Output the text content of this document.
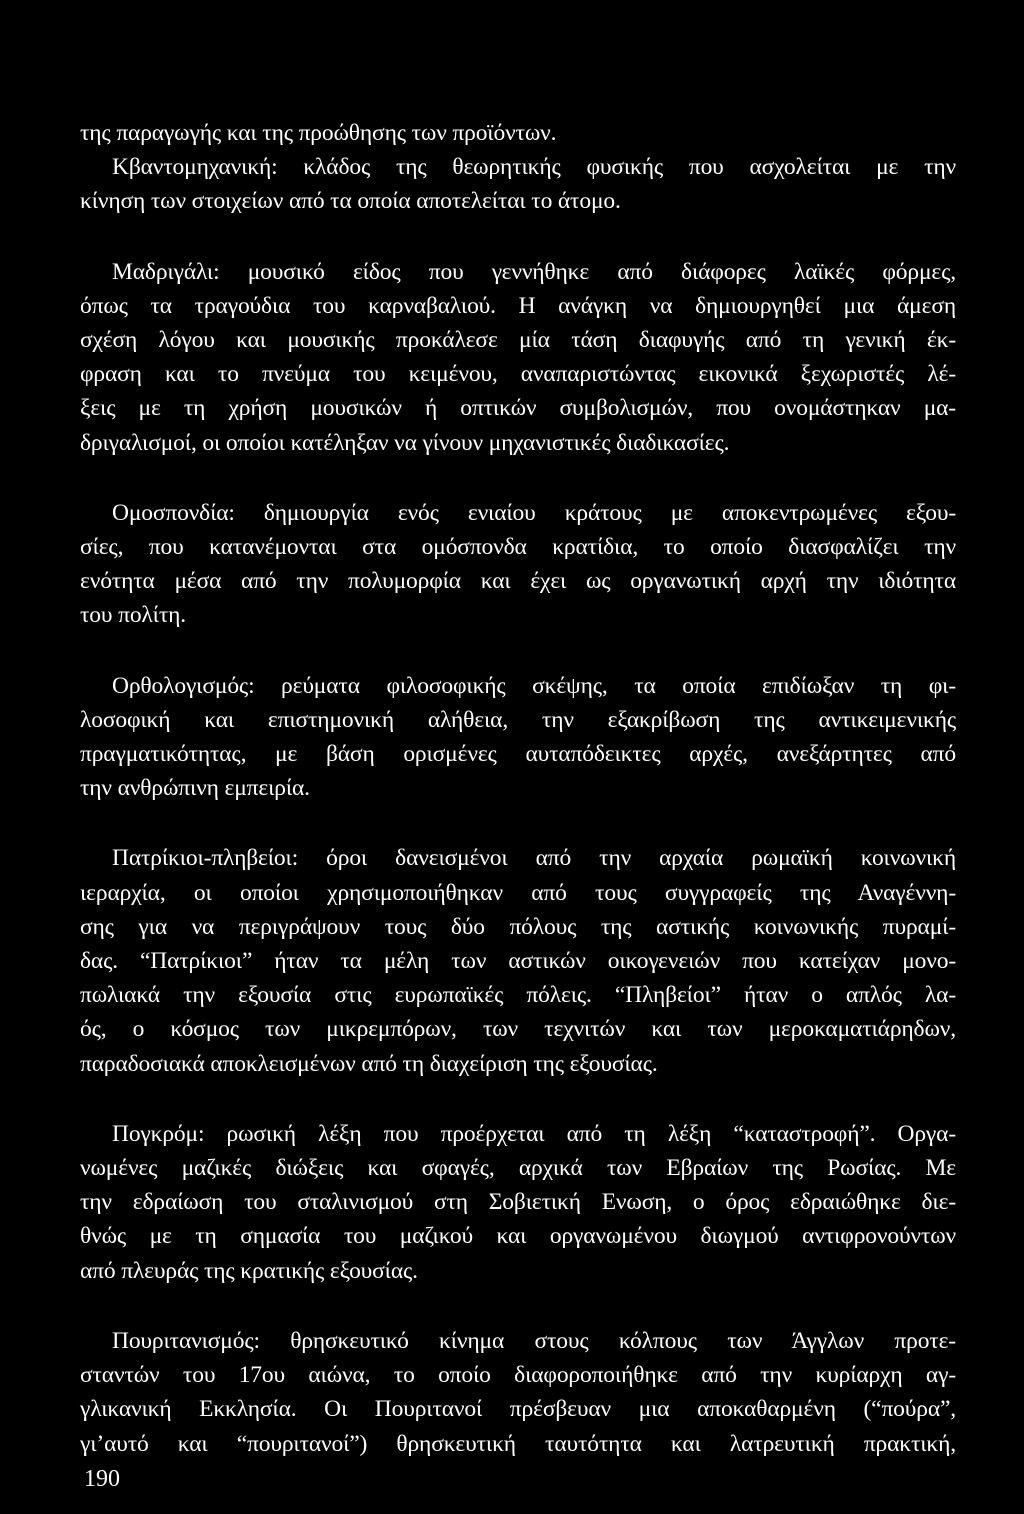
της παραγωγής και της προώθησης των προϊόντων.
Κβαντομηχανική: κλάδος της θεωρητικής φυσικής που ασχολείται με την
κίνηση των στοιχείων από τα οποία αποτελείται το άτομο.
Μαδριγάλι: μουσικό είδος που γεννήθηκε από διάφορες λαϊκές φόρμες,
όπως τα τραγούδια του καρναβαλιού. Η ανάγκη να δημιουργηθεί μια άμεση
σχέση λόγου και μουσικής προκάλεσε μία τάση διαφυγής από τη γενική έκ-
φραση και το πνεύμα του κειμένου, αναπαριστώντας εικονικά ξεχωριστές λέ-
ξεις με τη χρήση μουσικών ή οπτικών συμβολισμών, που ονομάστηκαν μα-
δριγαλισμοί, οι οποίοι κατέληξαν να γίνουν μηχανιστικές διαδικασίες.
Ομοσπονδία: δημιουργία ενός ενιαίου κράτους με αποκεντρωμένες εξου-
σίες, που κατανέμονται στα ομόσπονδα κρατίδια, το οποίο διασφαλίζει την
ενότητα μέσα από την πολυμορφία και έχει ως οργανωτική αρχή την ιδιότητα
του πολίτη.
Ορθολογισμός: ρεύματα φιλοσοφικής σκέψης, τα οποία επιδίωξαν τη φι-
λοσοφική και επιστημονική αλήθεια, την εξακρίβωση της αντικειμενικής
πραγματικότητας, με βάση ορισμένες αυταπόδεικτες αρχές, ανεξάρτητες από
την ανθρώπινη εμπειρία.
Πατρίκιοι-πληβείοι: όροι δανεισμένοι από την αρχαία ρωμαϊκή κοινωνική
ιεραρχία, οι οποίοι χρησιμοποιήθηκαν από τους συγγραφείς της Αναγέννη-
σης για να περιγράψουν τους δύο πόλους της αστικής κοινωνικής πυραμί-
δας. “Πατρίκιοι” ήταν τα μέλη των αστικών οικογενειών που κατείχαν μονο-
πωλιακά την εξουσία στις ευρωπαϊκές πόλεις. “Πληβείοι” ήταν ο απλός λα-
ός, ο κόσμος των μικρεμπόρων, των τεχνιτών και των μεροκαματιάρηδων,
παραδοσιακά αποκλεισμένων από τη διαχείριση της εξουσίας.
Πογκρόμ: ρωσική λέξη που προέρχεται από τη λέξη “καταστροφή”. Οργα-
νωμένες μαζικές διώξεις και σφαγές, αρχικά των Εβραίων της Ρωσίας. Με
την εδραίωση του σταλινισμού στη Σοβιετική Ενωση, ο όρος εδραιώθηκε διε-
θνώς με τη σημασία του μαζικού και οργανωμένου διωγμού αντιφρονούντων
από πλευράς της κρατικής εξουσίας.
Πουριτανισμός: θρησκευτικό κίνημα στους κόλπους των Άγγλων προτε-
σταντών του 17ου αιώνα, το οποίο διαφοροποιήθηκε από την κυρίαρχη αγ-
γλικανική Εκκλησία. Οι Πουριτανοί πρέσβευαν μια αποκαθαρμένη (“πούρα”,
γι’αυτό και “πουριτανοί”) θρησκευτική ταυτότητα και λατρευτική πρακτική,
190
